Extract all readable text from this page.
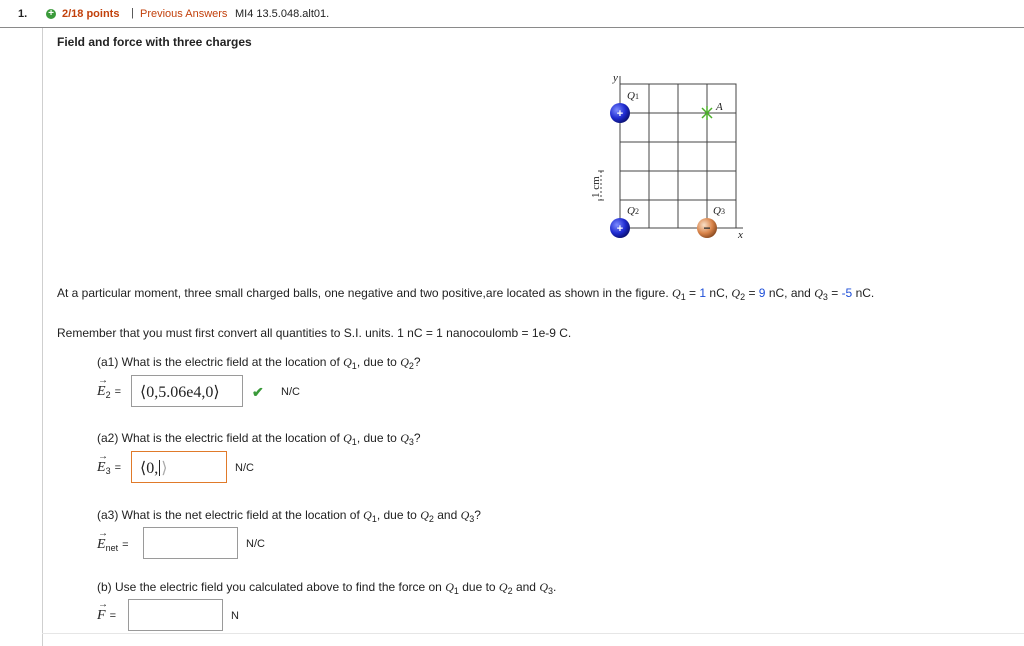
1. + 2/18 points | Previous Answers MI4 13.5.048.alt01.
Field and force with three charges
y
x
1 cm
Q1
Q2	Q3
A
+
+	−
At a particular moment, three small charged balls, one negative and two positive,are located as shown in the figure. $Q_1 = 1$ nC, $Q_2 = 9$ nC, and $Q_3 = -5$ nC.
Remember that you must first convert all quantities to S.I. units. 1 nC = 1 nanocoulomb = 1e-9 C.
(a1) What is the electric field at the location of $Q_1$, due to $Q_2$?
→ $E_2$ = ⟨0,5.06e4,0⟩ ✔ N/C
(a2) What is the electric field at the location of $Q_1$, due to $Q_3$?
→ $E_3$ = ⟨0, ⟩	N/C
(a3) What is the net electric field at the location of $Q_1$, due to $Q_2$ and $Q_3$?
→ $E_{net}$ =	N/C
(b) Use the electric field you calculated above to find the force on $Q_1$ due to $Q_2$ and $Q_3$.
→ F =	N
